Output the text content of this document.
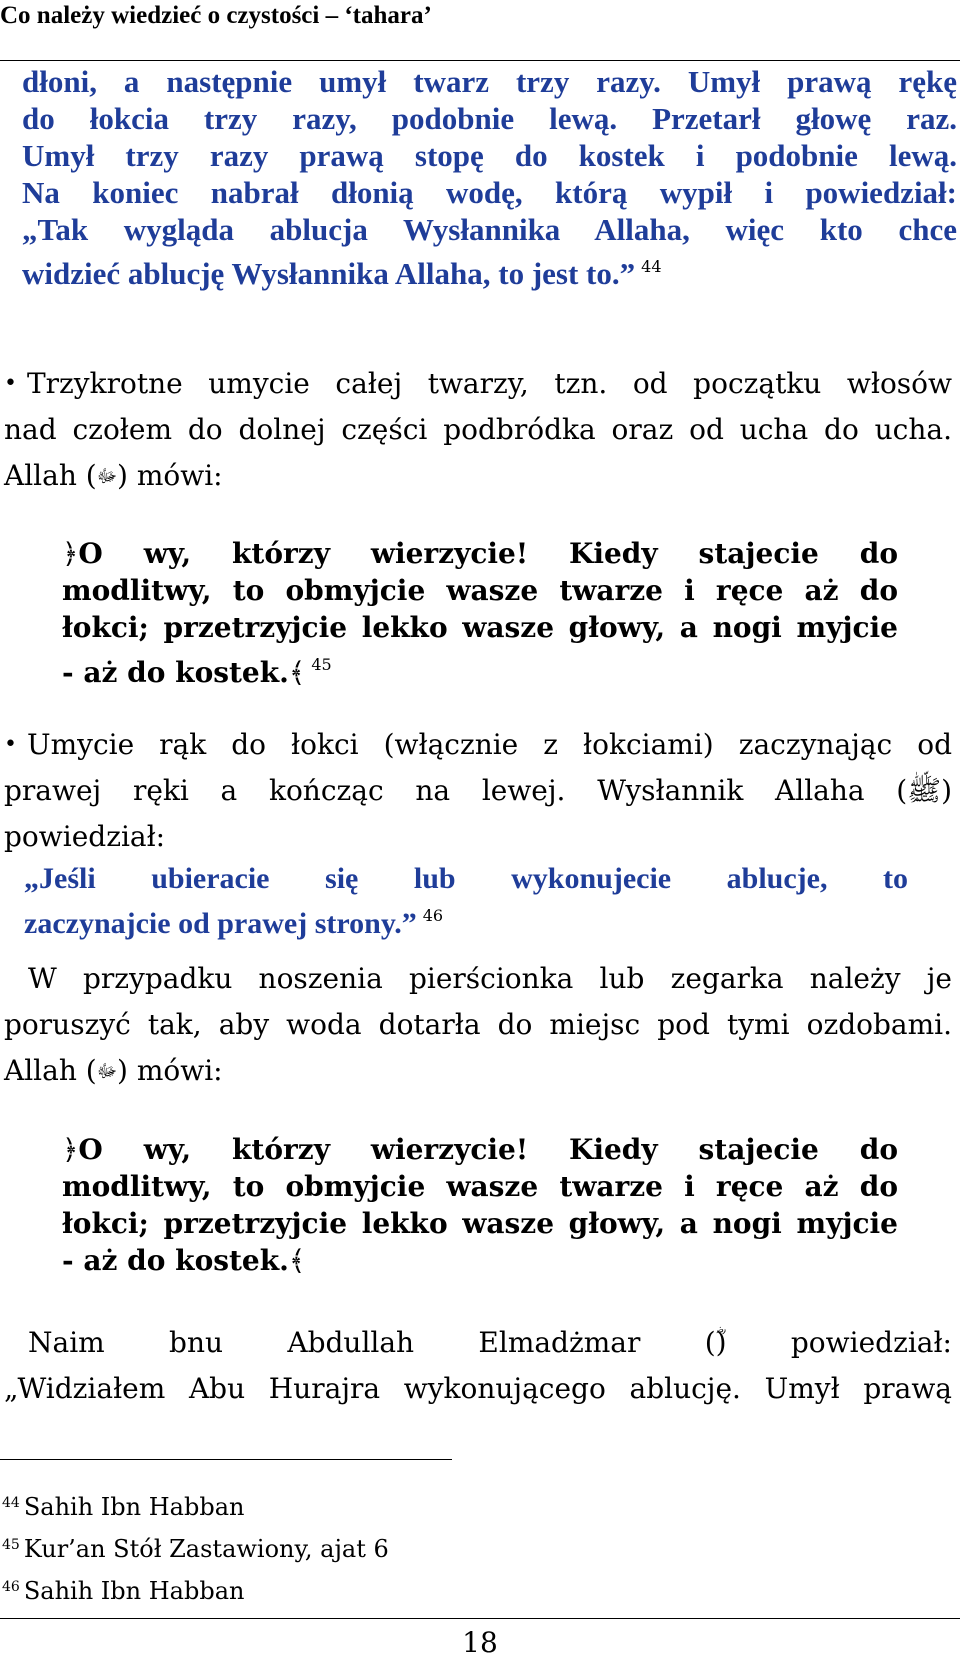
Co należy wiedzieć o czystości – ‘tahara’
dłoni, a następnie umył twarz trzy razy. Umył prawą rękę
do łokcia trzy razy, podobnie lewą. Przetarł głowę raz.
Umył trzy razy prawą stopę do kostek i podobnie lewą.
Na koniec nabrał dłonią wodę, którą wypił i powiedział:
„Tak wygląda ablucja Wysłannika Allaha, więc kto chce
widzieć ablucję Wysłannika Allaha, to jest to.” $^{44}$
• Trzykrotne umycie całej twarzy, tzn. od początku włosów
nad czołem do dolnej części podbródka oraz od ucha do ucha.
Allah (ﷻ) mówi:
﴿O wy, którzy wierzycie! Kiedy stajecie do
modlitwy, to obmyjcie wasze twarze i ręce aż do
łokci; przetrzyjcie lekko wasze głowy, a nogi myjcie
- aż do kostek.﴾ $^{45}$
• Umycie rąk do łokci (włącznie z łokciami) zaczynając od
prawej ręki a kończąc na lewej. Wysłannik Allaha (ﷺ)
powiedział:
„Jeśli ubieracie się lub wykonujecie ablucje, to
zaczynajcie od prawej strony.” $^{46}$
W przypadku noszenia pierścionka lub zegarka należy je
poruszyć tak, aby woda dotarła do miejsc pod tymi ozdobami.
Allah (ﷻ) mówi:
﴿O wy, którzy wierzycie! Kiedy stajecie do
modlitwy, to obmyjcie wasze twarze i ręce aż do
łokci; przetrzyjcie lekko wasze głowy, a nogi myjcie
- aż do kostek.﴾
Naim bnu Abdullah Elmadżmar (ؓ) powiedział:
„Widziałem Abu Hurajra wykonującego ablucję. Umył prawą
$^{44}$ Sahih Ibn Habban
$^{45}$ Kur’an Stół Zastawiony, ajat 6
$^{46}$ Sahih Ibn Habban
18
